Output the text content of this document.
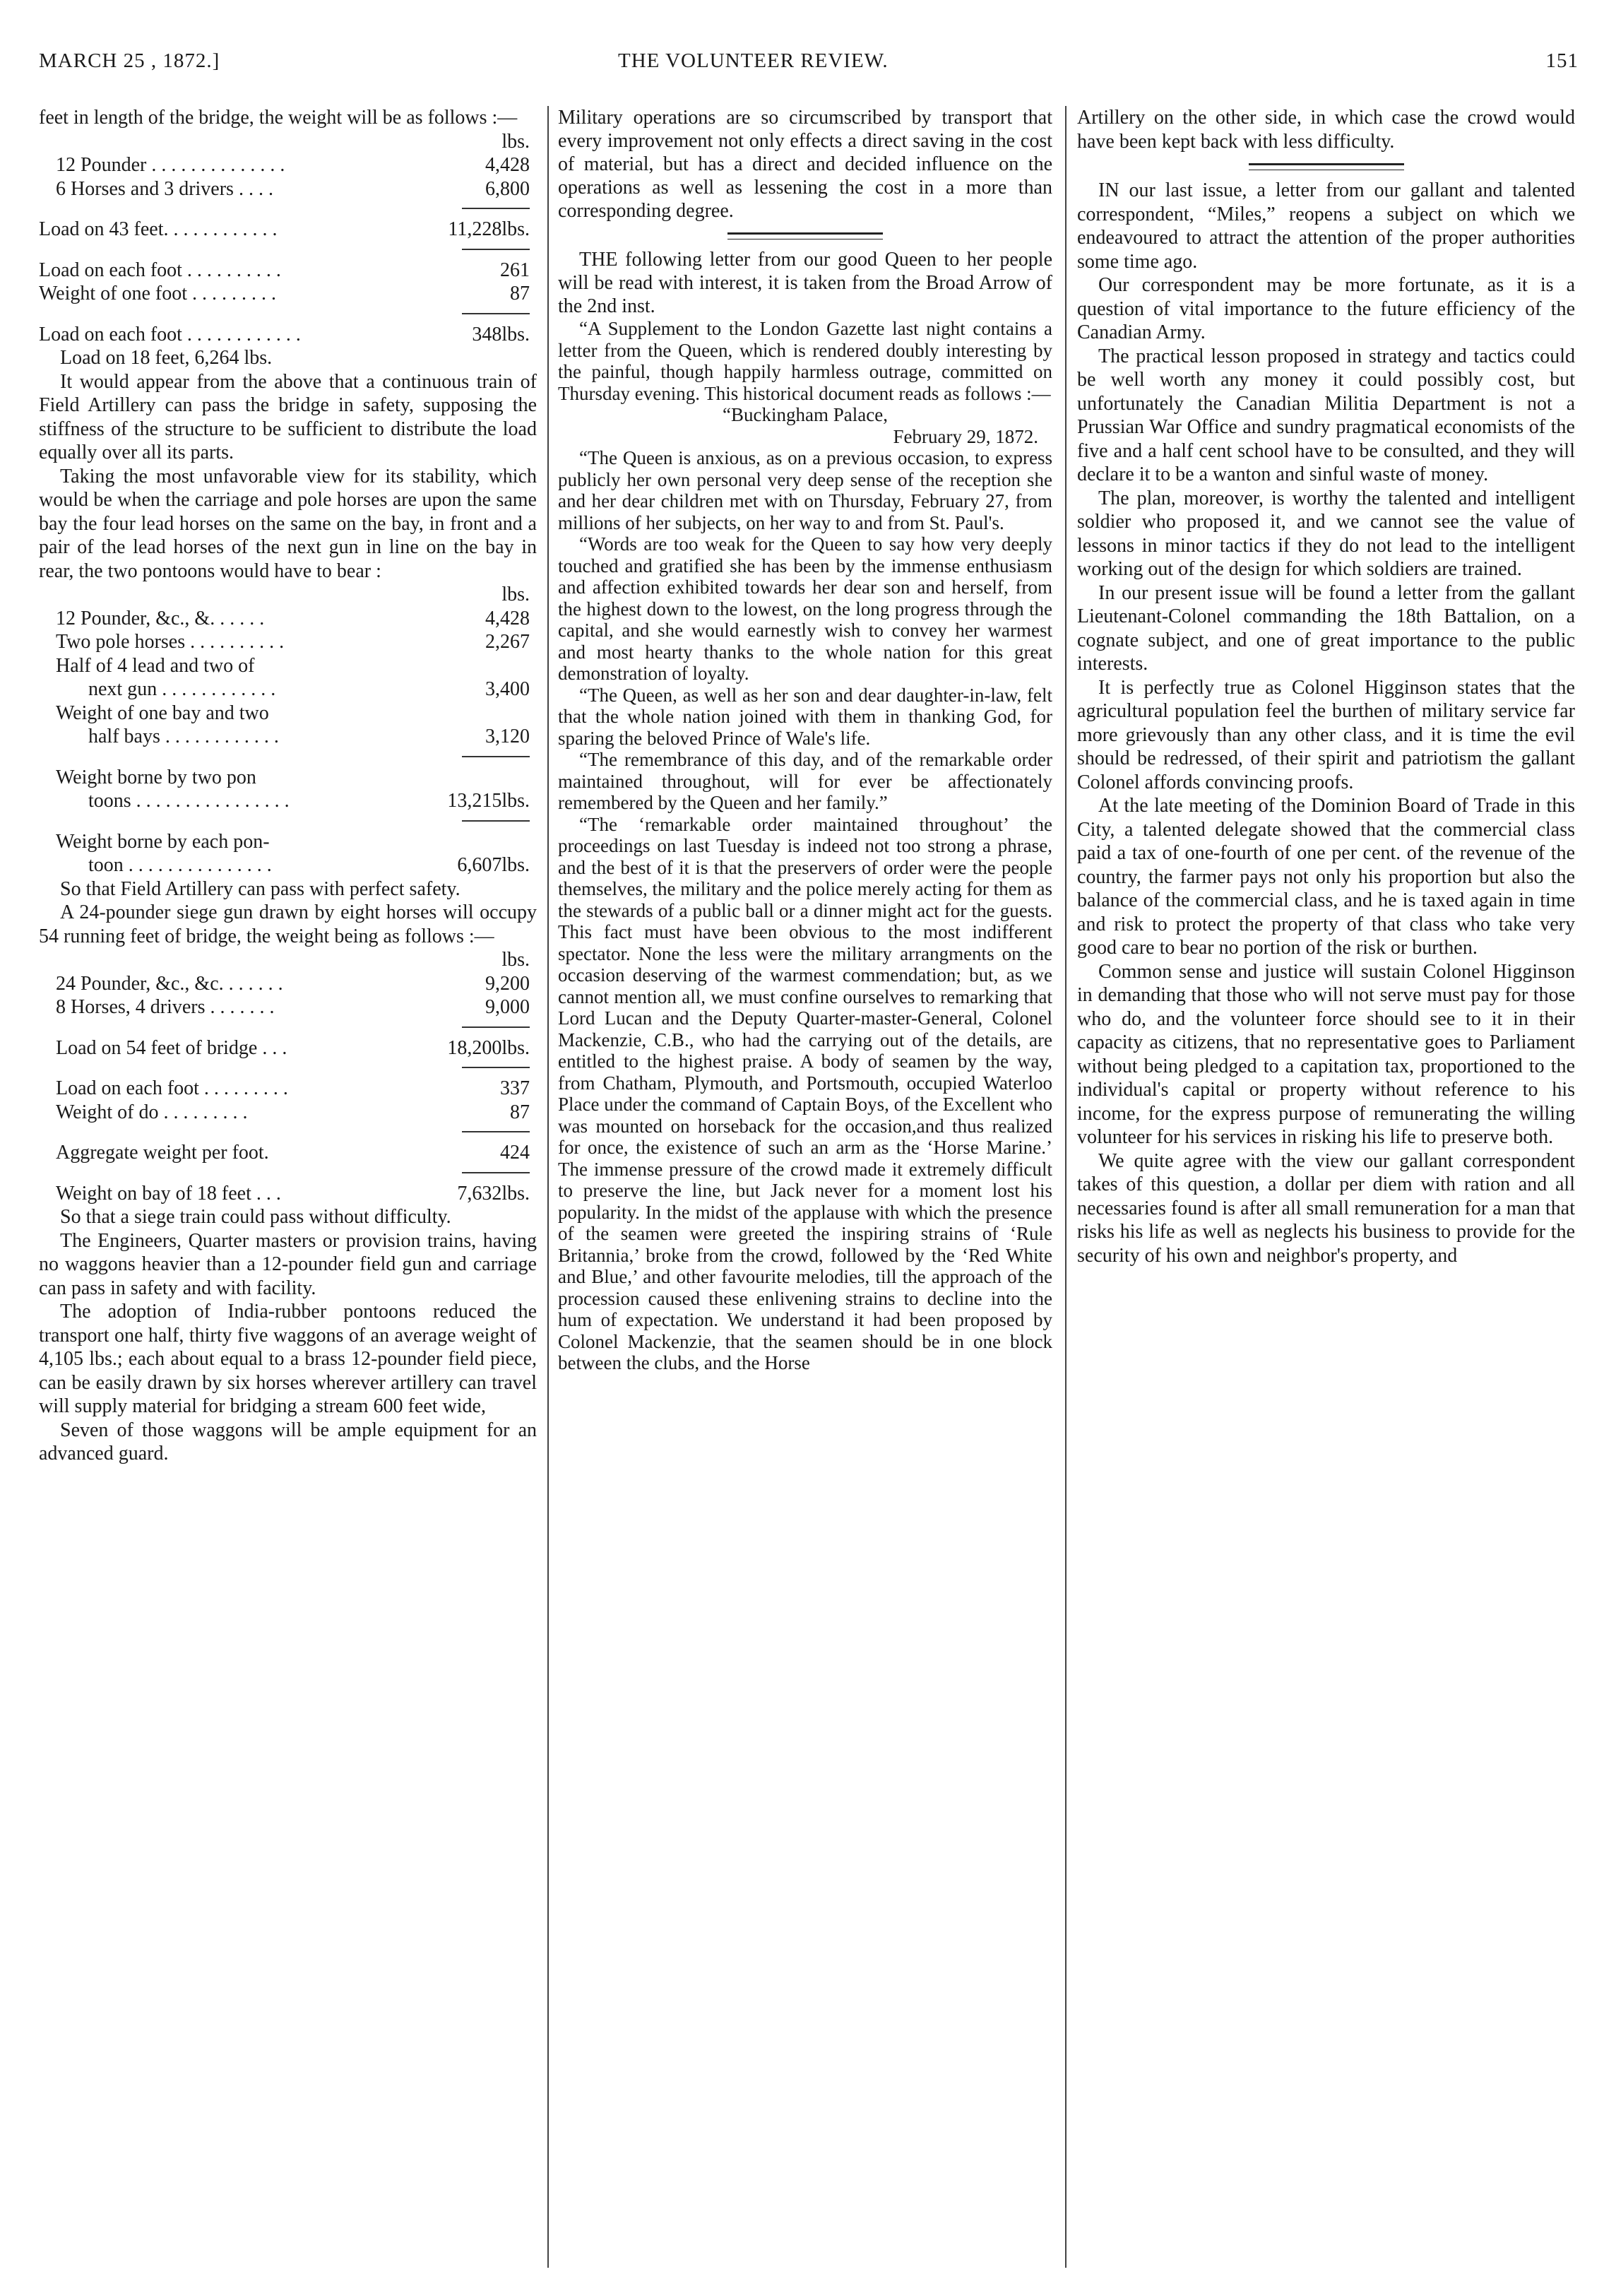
MARCH 25 , 1872.]	THE VOLUNTEER REVIEW.	151

feet in length of the bridge, the weight will be as follows :—

lbs.
12 Pounder . . . . . . . . . . . . . .	4,428
6 Horses and 3 drivers . . . .	6,800
Load on 43 feet. . . . . . . . . . . .	11,228lbs.
Load on each foot . . . . . . . . . .	261
Weight of one foot . . . . . . . . .	87
Load on each foot . . . . . . . . . . . .	348lbs.

Load on 18 feet, 6,264 lbs.

It would appear from the above that a continuous train of Field Artillery can pass the bridge in safety, supposing the stiffness of the structure to be sufficient to distribute the load equally over all its parts.

Taking the most unfavorable view for its stability, which would be when the carriage and pole horses are upon the same bay the four lead horses on the same on the bay, in front and a pair of the lead horses of the next gun in line on the bay in rear, the two pontoons would have to bear :

lbs.
12 Pounder, &c., &. . . . . .	4,428
Two pole horses . . . . . . . . . .	2,267
Half of 4 lead and two of
next gun . . . . . . . . . . . .	3,400
Weight of one bay and two
half bays . . . . . . . . . . . .	3,120
Weight borne by two pon
toons . . . . . . . . . . . . . . . .	13,215lbs.
Weight borne by each pon-
toon . . . . . . . . . . . . . . .	6,607lbs.

So that Field Artillery can pass with perfect safety.

A 24-pounder siege gun drawn by eight horses will occupy 54 running feet of bridge, the weight being as follows :—

lbs.
24 Pounder, &c., &c. . . . . . .	9,200
8 Horses, 4 drivers . . . . . . .	9,000
Load on 54 feet of bridge . . .	18,200lbs.
Load on each foot . . . . . . . . .	337
Weight of do . . . . . . . . .	87
Aggregate weight per foot.	424
Weight on bay of 18 feet . . .	7,632lbs.

So that a siege train could pass without difficulty.

The Engineers, Quarter masters or provision trains, having no waggons heavier than a 12-pounder field gun and carriage can pass in safety and with facility.

The adoption of India-rubber pontoons reduced the transport one half, thirty five waggons of an average weight of 4,105 lbs.; each about equal to a brass 12-pounder field piece, can be easily drawn by six horses wherever artillery can travel will supply material for bridging a stream 600 feet wide,

Seven of those waggons will be ample equipment for an advanced guard.

Military operations are so circumscribed by transport that every improvement not only effects a direct saving in the cost of material, but has a direct and decided influence on the operations as well as lessening the cost in a more than corresponding degree.

THE following letter from our good Queen to her people will be read with interest, it is taken from the Broad Arrow of the 2nd inst.

“A Supplement to the London Gazette last night contains a letter from the Queen, which is rendered doubly interesting by the painful, though happily harmless outrage, committed on Thursday evening. This historical document reads as follows :—

“Buckingham Palace,

February 29, 1872.

“The Queen is anxious, as on a previous occasion, to express publicly her own personal very deep sense of the reception she and her dear children met with on Thursday, February 27, from millions of her subjects, on her way to and from St. Paul's.

“Words are too weak for the Queen to say how very deeply touched and gratified she has been by the immense enthusiasm and affection exhibited towards her dear son and herself, from the highest down to the lowest, on the long progress through the capital, and she would earnestly wish to convey her warmest and most hearty thanks to the whole nation for this great demonstration of loyalty.

“The Queen, as well as her son and dear daughter-in-law, felt that the whole nation joined with them in thanking God, for sparing the beloved Prince of Wale's life.

“The remembrance of this day, and of the remarkable order maintained throughout, will for ever be affectionately remembered by the Queen and her family.”

“The ‘remarkable order maintained throughout’ the proceedings on last Tuesday is indeed not too strong a phrase, and the best of it is that the preservers of order were the people themselves, the military and the police merely acting for them as the stewards of a public ball or a dinner might act for the guests. This fact must have been obvious to the most indifferent spectator. None the less were the military arrangments on the occasion deserving of the warmest commendation; but, as we cannot mention all, we must confine ourselves to remarking that Lord Lucan and the Deputy Quarter-master-General, Colonel Mackenzie, C.B., who had the carrying out of the details, are entitled to the highest praise. A body of seamen by the way, from Chatham, Plymouth, and Portsmouth, occupied Waterloo Place under the command of Captain Boys, of the Excellent who was mounted on horseback for the occasion,and thus realized for once, the existence of such an arm as the ‘Horse Marine.’ The immense pressure of the crowd made it extremely difficult to preserve the line, but Jack never for a moment lost his popularity. In the midst of the applause with which the presence of the seamen were greeted the inspiring strains of ‘Rule Britannia,’ broke from the crowd, followed by the ‘Red White and Blue,’ and other favourite melodies, till the approach of the procession caused these enlivening strains to decline into the hum of expectation. We understand it had been proposed by Colonel Mackenzie, that the seamen should be in one block between the clubs, and the Horse

Artillery on the other side, in which case the crowd would have been kept back with less difficulty.

IN our last issue, a letter from our gallant and talented correspondent, “Miles,” reopens a subject on which we endeavoured to attract the attention of the proper authorities some time ago.

Our correspondent may be more fortunate, as it is a question of vital importance to the future efficiency of the Canadian Army.

The practical lesson proposed in strategy and tactics could be well worth any money it could possibly cost, but unfortunately the Canadian Militia Department is not a Prussian War Office and sundry pragmatical economists of the five and a half cent school have to be consulted, and they will declare it to be a wanton and sinful waste of money.

The plan, moreover, is worthy the talented and intelligent soldier who proposed it, and we cannot see the value of lessons in minor tactics if they do not lead to the intelligent working out of the design for which soldiers are trained.

In our present issue will be found a letter from the gallant Lieutenant-Colonel commanding the 18th Battalion, on a cognate subject, and one of great importance to the public interests.

It is perfectly true as Colonel Higginson states that the agricultural population feel the burthen of military service far more grievously than any other class, and it is time the evil should be redressed, of their spirit and patriotism the gallant Colonel affords convincing proofs.

At the late meeting of the Dominion Board of Trade in this City, a talented delegate showed that the commercial class paid a tax of one-fourth of one per cent. of the revenue of the country, the farmer pays not only his proportion but also the balance of the commercial class, and he is taxed again in time and risk to protect the property of that class who take very good care to bear no portion of the risk or burthen.

Common sense and justice will sustain Colonel Higginson in demanding that those who will not serve must pay for those who do, and the volunteer force should see to it in their capacity as citizens, that no representative goes to Parliament without being pledged to a capitation tax, proportioned to the individual's capital or property without reference to his income, for the express purpose of remunerating the willing volunteer for his services in risking his life to preserve both.

We quite agree with the view our gallant correspondent takes of this question, a dollar per diem with ration and all necessaries found is after all small remuneration for a man that risks his life as well as neglects his business to provide for the security of his own and neighbor's property, and
